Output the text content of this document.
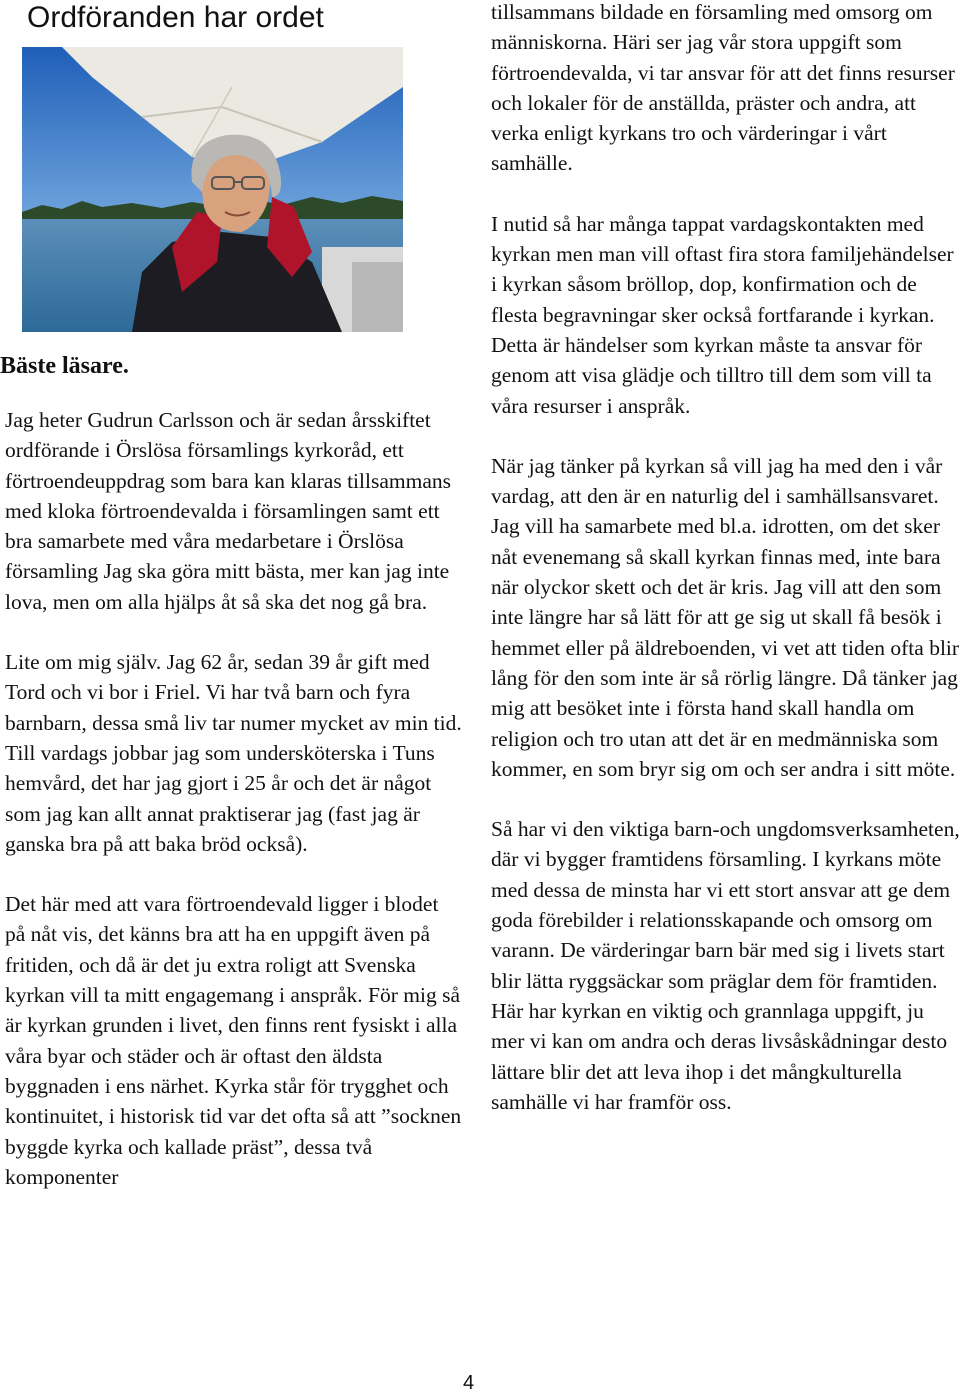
Ordföranden har ordet
Bäste läsare.

Jag heter Gudrun Carlsson och är sedan årsskiftet ordförande i Örslösa församlings kyrkoråd, ett förtroendeuppdrag som bara kan klaras tillsammans med kloka förtroendevalda i församlingen samt ett bra samarbete med våra medarbetare i Örslösa församling Jag ska göra mitt bästa, mer kan jag inte lova, men om alla hjälps åt så ska det nog gå bra.

Lite om mig själv. Jag 62 år, sedan 39 år gift med Tord och vi bor i Friel. Vi har två barn och fyra barnbarn, dessa små liv tar numer mycket av min tid. Till vardags jobbar jag som undersköterska i Tuns hemvård, det har jag gjort i 25 år och det är något som jag kan allt annat praktiserar jag (fast jag är ganska bra på att baka bröd också).

Det här med att vara förtroendevald ligger i blodet på nåt vis, det känns bra att ha en uppgift även på fritiden, och då är det ju extra roligt att Svenska kyrkan vill ta mitt engagemang i anspråk. För mig så är kyrkan grunden i livet, den finns rent fysiskt i alla våra byar och städer och är oftast den äldsta byggnaden i ens närhet. Kyrka står för trygghet och kontinuitet, i historisk tid var det ofta så att ”socknen byggde kyrka och kallade präst”, dessa två komponenter

tillsammans bildade en församling med omsorg om människorna. Häri ser jag vår stora uppgift som förtroendevalda, vi tar ansvar för att det finns resurser och lokaler för de anställda, präster och andra, att verka enligt kyrkans tro och värderingar i vårt samhälle.

I nutid så har många tappat vardagskontakten med kyrkan men man vill oftast fira stora familjehändelser i kyrkan såsom bröllop, dop, konfirmation och de flesta begravningar sker också fortfarande i kyrkan. Detta är händelser som kyrkan måste ta ansvar för genom att visa glädje och tilltro till dem som vill ta våra resurser i anspråk.

När jag tänker på kyrkan så vill jag ha med den i vår vardag, att den är en naturlig del i samhällsansvaret. Jag vill ha samarbete med bl.a. idrotten, om det sker nåt evenemang så skall kyrkan finnas med, inte bara när olyckor skett och det är kris. Jag vill att den som inte längre har så lätt för att ge sig ut skall få besök i hemmet eller på äldreboenden, vi vet att tiden ofta blir lång för den som inte är så rörlig längre. Då tänker jag mig att besöket inte i första hand skall handla om religion och tro utan att det är en medmänniska som kommer, en som bryr sig om och ser andra i sitt möte.

Så har vi den viktiga barn-och ungdomsverksamheten, där vi bygger framtidens församling. I kyrkans möte med dessa de minsta har vi ett stort ansvar att ge dem goda förebilder i relationsskapande och omsorg om varann. De värderingar barn bär med sig i livets start blir lätta ryggsäckar som präglar dem för framtiden. Här har kyrkan en viktig och grannlaga uppgift, ju mer vi kan om andra och deras livsåskådningar desto lättare blir det att leva ihop i det mångkulturella samhälle vi har framför oss.

4
